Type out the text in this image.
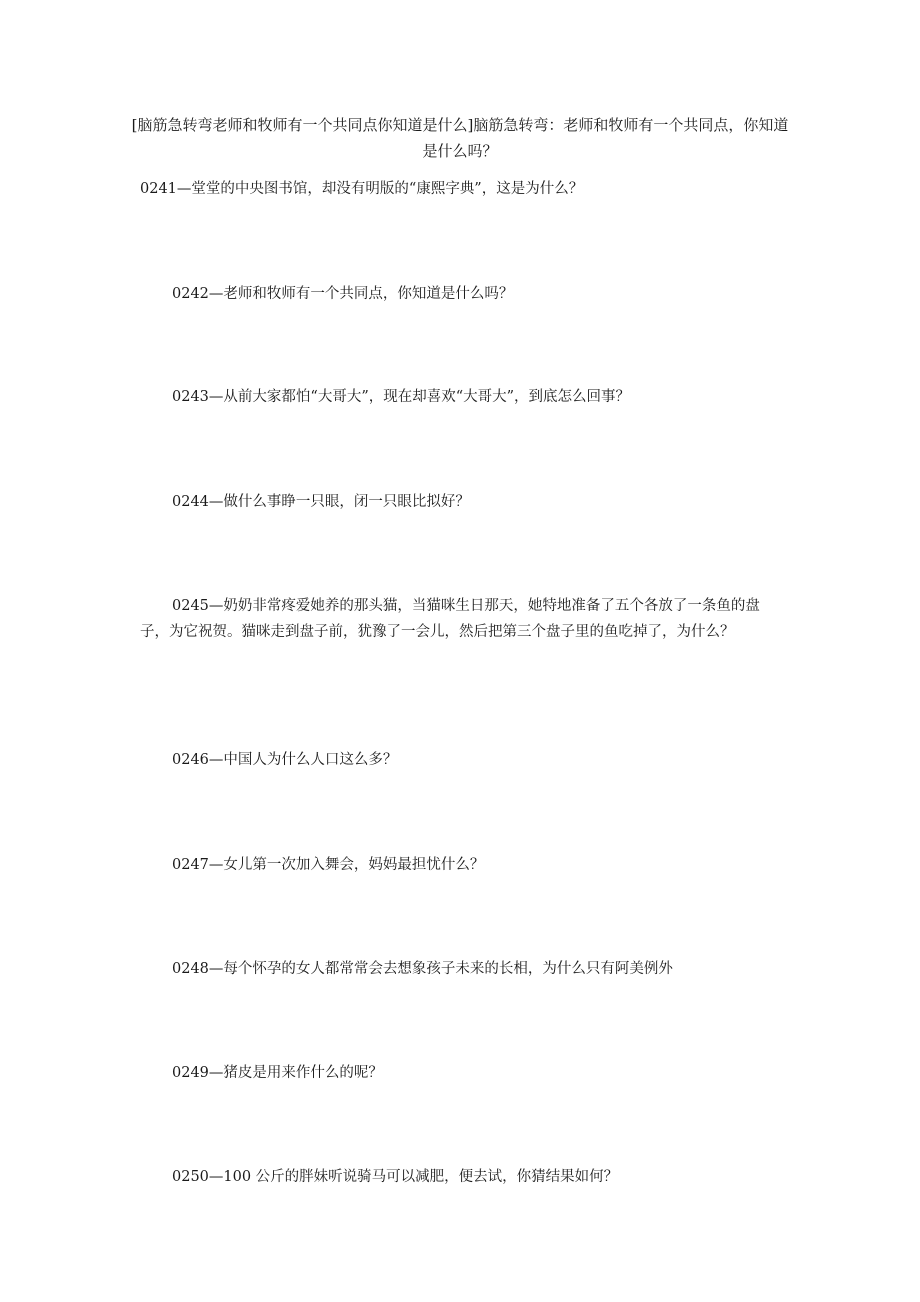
[脑筋急转弯老师和牧师有一个共同点你知道是什么]脑筋急转弯：老师和牧师有一个共同点，你知道是什么吗？

0241—堂堂的中央图书馆，却没有明版的“康熙字典”，这是为什么？

0242—老师和牧师有一个共同点，你知道是什么吗？

0243—从前大家都怕“大哥大”，现在却喜欢“大哥大”，到底怎么回事？

0244—做什么事睁一只眼，闭一只眼比拟好？

0245—奶奶非常疼爱她养的那头猫，当猫咪生日那天，她特地准备了五个各放了一条鱼的盘子，为它祝贺。猫咪走到盘子前，犹豫了一会儿，然后把第三个盘子里的鱼吃掉了，为什么？

0246—中国人为什么人口这么多？

0247—女儿第一次加入舞会，妈妈最担忧什么？

0248—每个怀孕的女人都常常会去想象孩子未来的长相，为什么只有阿美例外

0249—猪皮是用来作什么的呢？

0250—100 公斤的胖妹听说骑马可以减肥，便去试，你猜结果如何？
